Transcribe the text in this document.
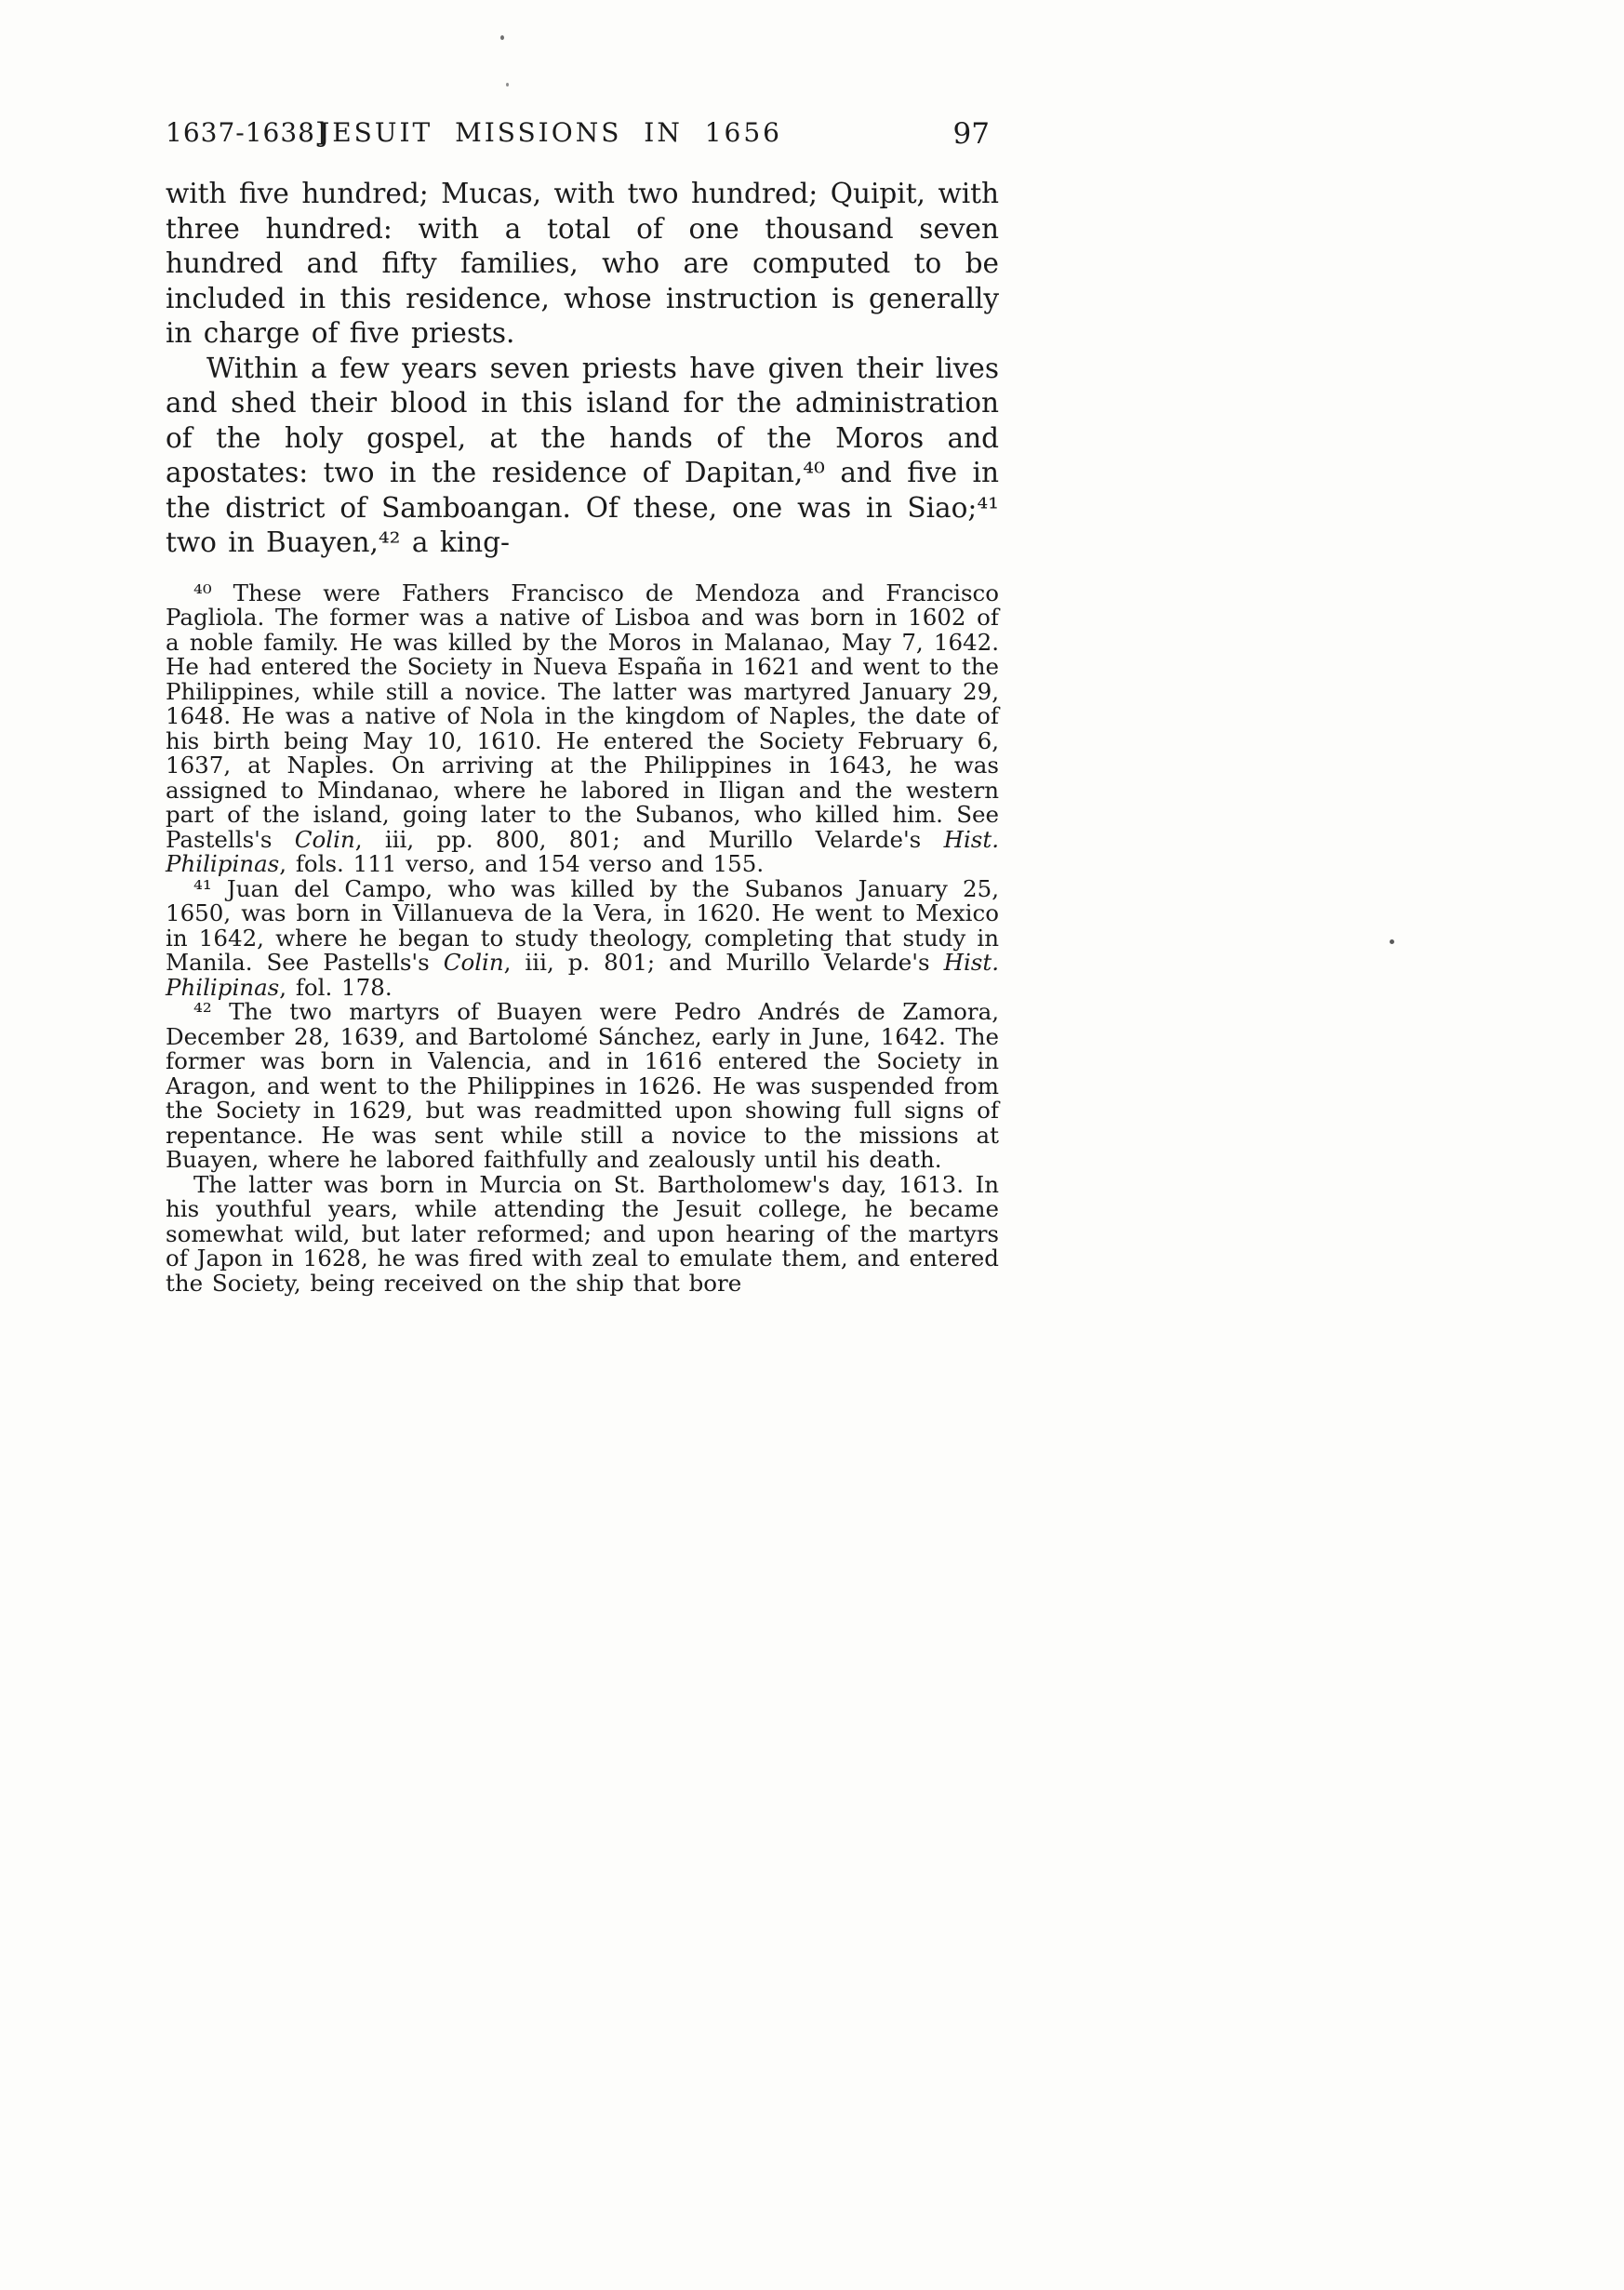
1637-1638]
JESUIT MISSIONS IN 1656	97

with five hundred; Mucas, with two hundred; Quipit, with three hundred: with a total of one thousand seven hundred and fifty families, who are computed to be included in this residence, whose instruction is generally in charge of five priests.

Within a few years seven priests have given their lives and shed their blood in this island for the administration of the holy gospel, at the hands of the Moros and apostates: two in the residence of Dapitan,⁴⁰ and five in the district of Samboangan. Of these, one was in Siao;⁴¹ two in Buayen,⁴² a king-

⁴⁰ These were Fathers Francisco de Mendoza and Francisco Pagliola. The former was a native of Lisboa and was born in 1602 of a noble family. He was killed by the Moros in Malanao, May 7, 1642. He had entered the Society in Nueva España in 1621 and went to the Philippines, while still a novice. The latter was martyred January 29, 1648. He was a native of Nola in the kingdom of Naples, the date of his birth being May 10, 1610. He entered the Society February 6, 1637, at Naples. On arriving at the Philippines in 1643, he was assigned to Mindanao, where he labored in Iligan and the western part of the island, going later to the Subanos, who killed him. See Pastells's Colin, iii, pp. 800, 801; and Murillo Velarde's Hist. Philipinas, fols. 111 verso, and 154 verso and 155.

⁴¹ Juan del Campo, who was killed by the Subanos January 25, 1650, was born in Villanueva de la Vera, in 1620. He went to Mexico in 1642, where he began to study theology, completing that study in Manila. See Pastells's Colin, iii, p. 801; and Murillo Velarde's Hist. Philipinas, fol. 178.

⁴² The two martyrs of Buayen were Pedro Andrés de Zamora, December 28, 1639, and Bartolomé Sánchez, early in June, 1642. The former was born in Valencia, and in 1616 entered the Society in Aragon, and went to the Philippines in 1626. He was suspended from the Society in 1629, but was readmitted upon showing full signs of repentance. He was sent while still a novice to the missions at Buayen, where he labored faithfully and zealously until his death.

The latter was born in Murcia on St. Bartholomew's day, 1613. In his youthful years, while attending the Jesuit college, he became somewhat wild, but later reformed; and upon hearing of the martyrs of Japon in 1628, he was fired with zeal to emulate them, and entered the Society, being received on the ship that bore
